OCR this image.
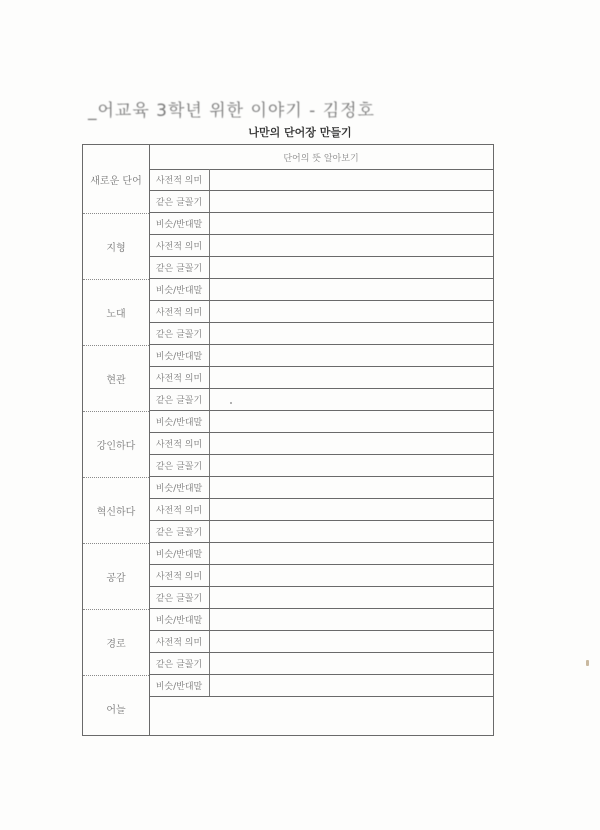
_어교육 3학년 위한 이야기 - 김정호
나만의 단어장 만들기
단어의 뜻 알아보기
새로운 단어
지형
노대
현관
강인하다
혁신하다
공감
경로
어늘
사전적 의미
같은 글꼴기
비슷/반대말
사전적 의미
같은 글꼴기
비슷/반대말
사전적 의미
같은 글꼴기
비슷/반대말
사전적 의미
같은 글꼴기
비슷/반대말
사전적 의미
같은 글꼴기
비슷/반대말
사전적 의미
같은 글꼴기
비슷/반대말
사전적 의미
같은 글꼴기
비슷/반대말
사전적 의미
같은 글꼴기
비슷/반대말
